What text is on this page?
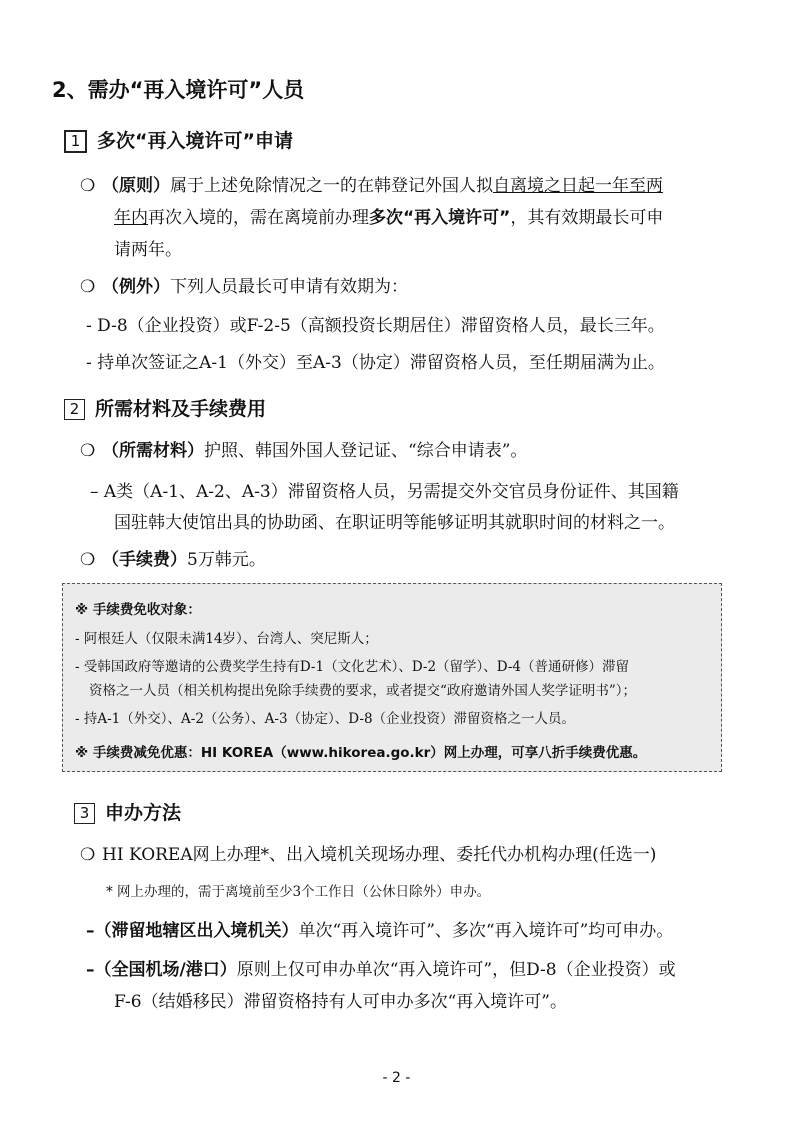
2、需办“再入境许可”人员
1 多次“再入境许可”申请
❍ （原则）属于上述免除情况之一的在韩登记外国人拟自离境之日起一年至两
年内再次入境的，需在离境前办理多次“再入境许可”，其有效期最长可申
请两年。
❍ （例外）下列人员最长可申请有效期为：
- D-8（企业投资）或F-2-5（高额投资长期居住）滞留资格人员，最长三年。
- 持单次签证之A-1（外交）至A-3（协定）滞留资格人员，至任期届满为止。
2 所需材料及手续费用
❍ （所需材料）护照、韩国外国人登记证、“综合申请表”。
– A类（A-1、A-2、A-3）滞留资格人员，另需提交外交官员身份证件、其国籍
国驻韩大使馆出具的协助函、在职证明等能够证明其就职时间的材料之一。
❍ （手续费）5万韩元。
※ 手续费免收对象：
- 阿根廷人（仅限未满14岁）、台湾人、突尼斯人；
- 受韩国政府等邀请的公费奖学生持有D-1（文化艺术）、D-2（留学）、D-4（普通研修）滞留
资格之一人员（相关机构提出免除手续费的要求，或者提交“政府邀请外国人奖学证明书”）；
- 持A-1（外交）、A-2（公务）、A-3（协定）、D-8（企业投资）滞留资格之一人员。
※ 手续费减免优惠：HI KOREA（www.hikorea.go.kr）网上办理，可享八折手续费优惠。
3 申办方法
❍ HI KOREA网上办理*、出入境机关现场办理、委托代办机构办理(任选一)
* 网上办理的，需于离境前至少3个工作日（公休日除外）申办。
–（滞留地辖区出入境机关）单次“再入境许可”、多次“再入境许可”均可申办。
–（全国机场/港口）原则上仅可申办单次“再入境许可”，但D-8（企业投资）或
F-6（结婚移民）滞留资格持有人可申办多次“再入境许可”。
- 2 -
